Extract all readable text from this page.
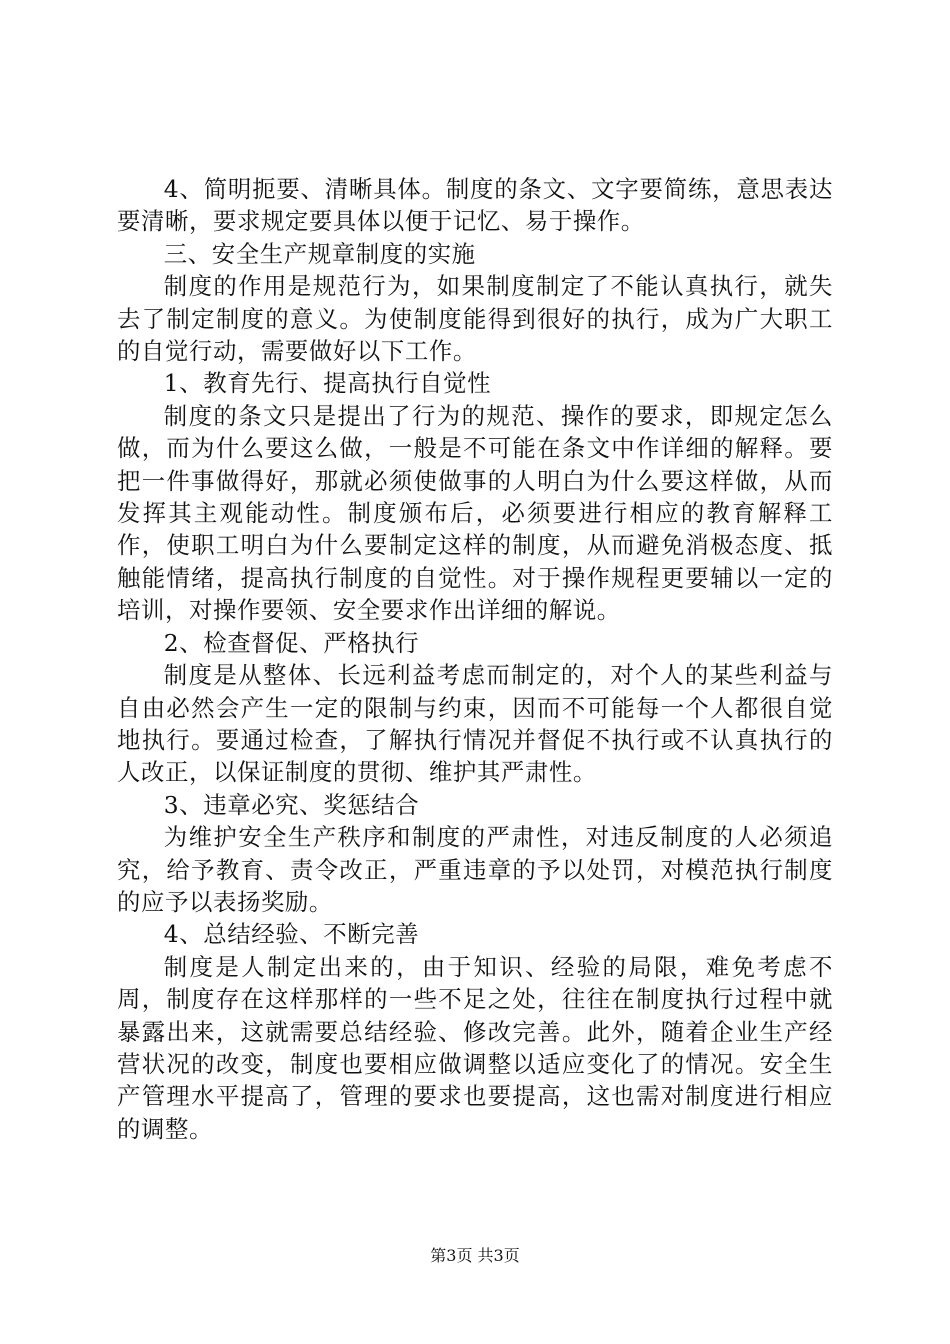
4、简明扼要、清晰具体。制度的条文、文字要简练，意思表达要清晰，要求规定要具体以便于记忆、易于操作。

三、安全生产规章制度的实施

制度的作用是规范行为，如果制度制定了不能认真执行，就失去了制定制度的意义。为使制度能得到很好的执行，成为广大职工的自觉行动，需要做好以下工作。

1、教育先行、提高执行自觉性

制度的条文只是提出了行为的规范、操作的要求，即规定怎么做，而为什么要这么做，一般是不可能在条文中作详细的解释。要把一件事做得好，那就必须使做事的人明白为什么要这样做，从而发挥其主观能动性。制度颁布后，必须要进行相应的教育解释工作，使职工明白为什么要制定这样的制度，从而避免消极态度、抵触能情绪，提高执行制度的自觉性。对于操作规程更要辅以一定的培训，对操作要领、安全要求作出详细的解说。

2、检查督促、严格执行

制度是从整体、长远利益考虑而制定的，对个人的某些利益与自由必然会产生一定的限制与约束，因而不可能每一个人都很自觉地执行。要通过检查，了解执行情况并督促不执行或不认真执行的人改正，以保证制度的贯彻、维护其严肃性。

3、违章必究、奖惩结合

为维护安全生产秩序和制度的严肃性，对违反制度的人必须追究，给予教育、责令改正，严重违章的予以处罚，对模范执行制度的应予以表扬奖励。

4、总结经验、不断完善

制度是人制定出来的，由于知识、经验的局限，难免考虑不周，制度存在这样那样的一些不足之处，往往在制度执行过程中就暴露出来，这就需要总结经验、修改完善。此外，随着企业生产经营状况的改变，制度也要相应做调整以适应变化了的情况。安全生产管理水平提高了，管理的要求也要提高，这也需对制度进行相应的调整。

第3页 共3页
